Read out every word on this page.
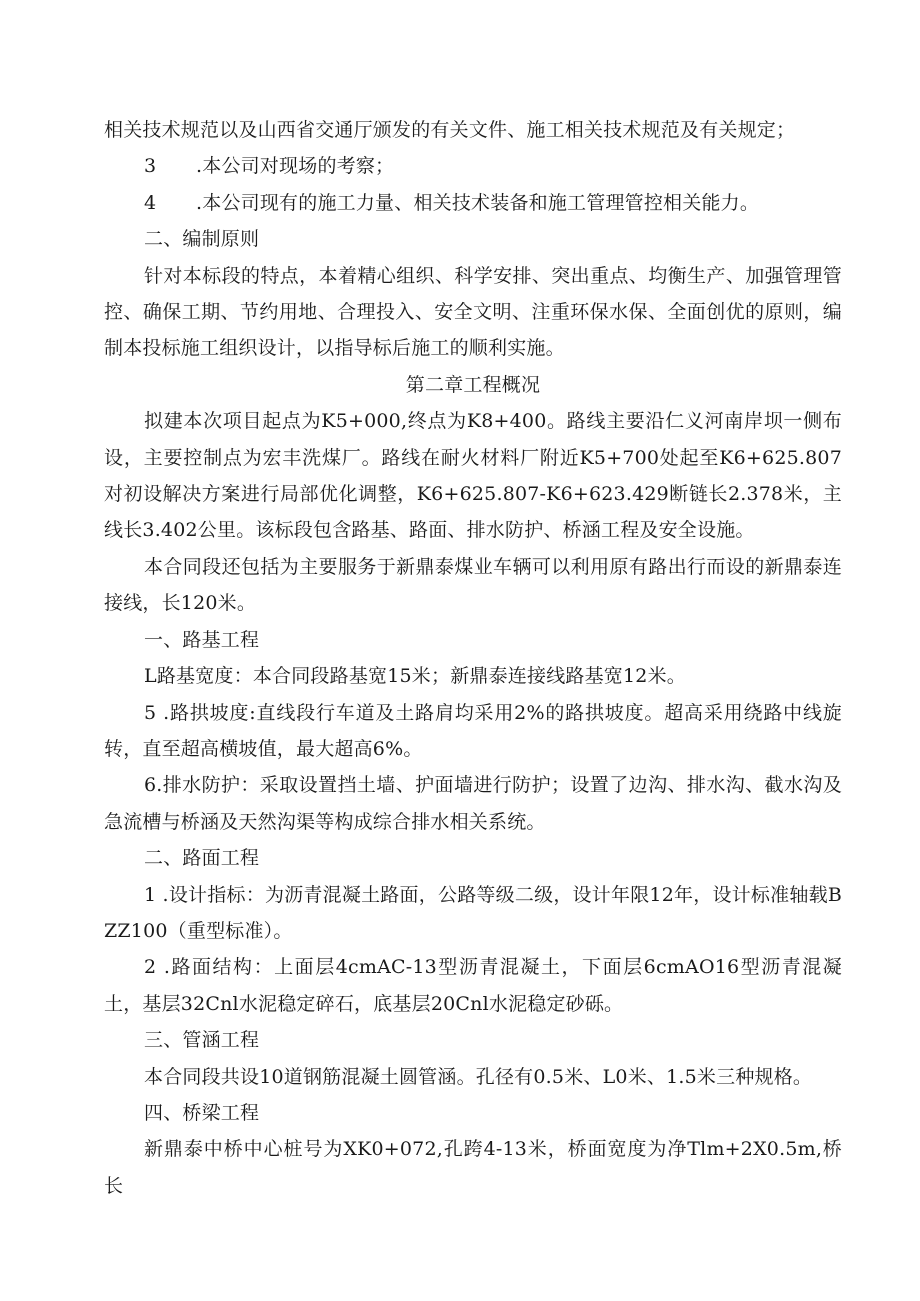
相关技术规范以及山西省交通厅颁发的有关文件、施工相关技术规范及有关规定；

3 .本公司对现场的考察；

4 .本公司现有的施工力量、相关技术装备和施工管理管控相关能力。

二、编制原则

针对本标段的特点，本着精心组织、科学安排、突出重点、均衡生产、加强管理管控、确保工期、节约用地、合理投入、安全文明、注重环保水保、全面创优的原则，编制本投标施工组织设计，以指导标后施工的顺利实施。

第二章工程概况

拟建本次项目起点为K5+000,终点为K8+400。路线主要沿仁义河南岸坝一侧布设，主要控制点为宏丰洗煤厂。路线在耐火材料厂附近K5+700处起至K6+625.807对初设解决方案进行局部优化调整，K6+625.807-K6+623.429断链长2.378米，主线长3.402公里。该标段包含路基、路面、排水防护、桥涵工程及安全设施。

本合同段还包括为主要服务于新鼎泰煤业车辆可以利用原有路出行而设的新鼎泰连接线，长120米。

一、路基工程

L路基宽度：本合同段路基宽15米；新鼎泰连接线路基宽12米。

5 .路拱坡度:直线段行车道及土路肩均采用2%的路拱坡度。超高采用绕路中线旋转，直至超高横坡值，最大超高6%。

6.排水防护：采取设置挡土墙、护面墙进行防护；设置了边沟、排水沟、截水沟及急流槽与桥涵及天然沟渠等构成综合排水相关系统。

二、路面工程

1 .设计指标：为沥青混凝土路面，公路等级二级，设计年限12年，设计标准轴载BZZ100（重型标准）。

2 .路面结构：上面层4cmAC-13型沥青混凝土，下面层6cmAO16型沥青混凝土，基层32Cnl水泥稳定碎石，底基层20Cnl水泥稳定砂砾。

三、管涵工程

本合同段共设10道钢筋混凝土圆管涵。孔径有0.5米、L0米、1.5米三种规格。

四、桥梁工程

新鼎泰中桥中心桩号为XK0+072,孔跨4-13米，桥面宽度为净Tlm+2X0.5m,桥长
